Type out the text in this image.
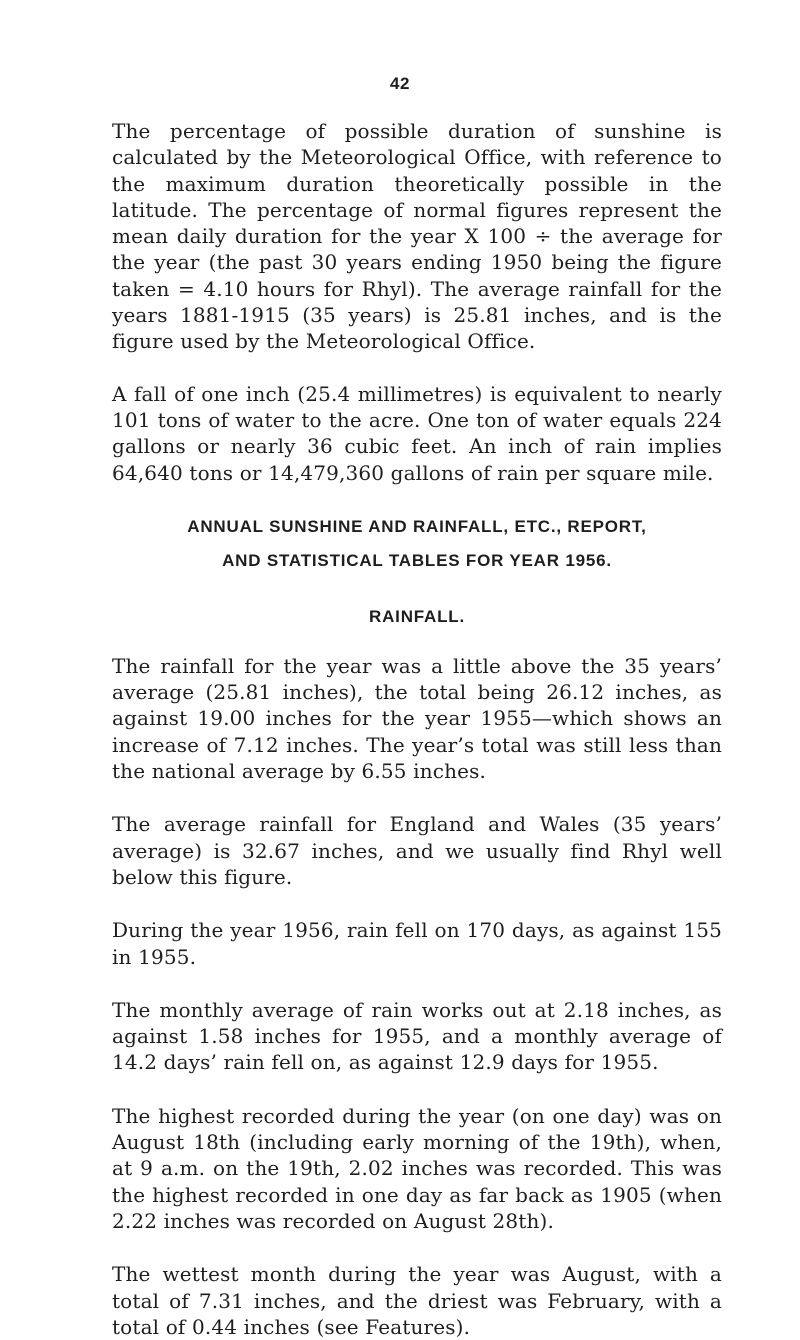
42

The percentage of possible duration of sunshine is calculated by the Meteorological Office, with reference to the maximum duration theoretically possible in the latitude. The percentage of normal figures represent the mean daily duration for the year X 100 ÷ the average for the year (the past 30 years ending 1950 being the figure taken = 4.10 hours for Rhyl). The average rainfall for the years 1881-1915 (35 years) is 25.81 inches, and is the figure used by the Meteorological Office.

A fall of one inch (25.4 millimetres) is equivalent to nearly 101 tons of water to the acre. One ton of water equals 224 gallons or nearly 36 cubic feet. An inch of rain implies 64,640 tons or 14,479,360 gallons of rain per square mile.

ANNUAL SUNSHINE AND RAINFALL, ETC., REPORT,

AND STATISTICAL TABLES FOR YEAR 1956.

RAINFALL.

The rainfall for the year was a little above the 35 years’ average (25.81 inches), the total being 26.12 inches, as against 19.00 inches for the year 1955—which shows an increase of 7.12 inches. The year’s total was still less than the national average by 6.55 inches.

The average rainfall for England and Wales (35 years’ average) is 32.67 inches, and we usually find Rhyl well below this figure.

During the year 1956, rain fell on 170 days, as against 155 in 1955.

The monthly average of rain works out at 2.18 inches, as against 1.58 inches for 1955, and a monthly average of 14.2 days’ rain fell on, as against 12.9 days for 1955.

The highest recorded during the year (on one day) was on August 18th (including early morning of the 19th), when, at 9 a.m. on the 19th, 2.02 inches was recorded. This was the highest recorded in one day as far back as 1905 (when 2.22 inches was recorded on August 28th).

The wettest month during the year was August, with a total of 7.31 inches, and the driest was February, with a total of 0.44 inches (see Features).
